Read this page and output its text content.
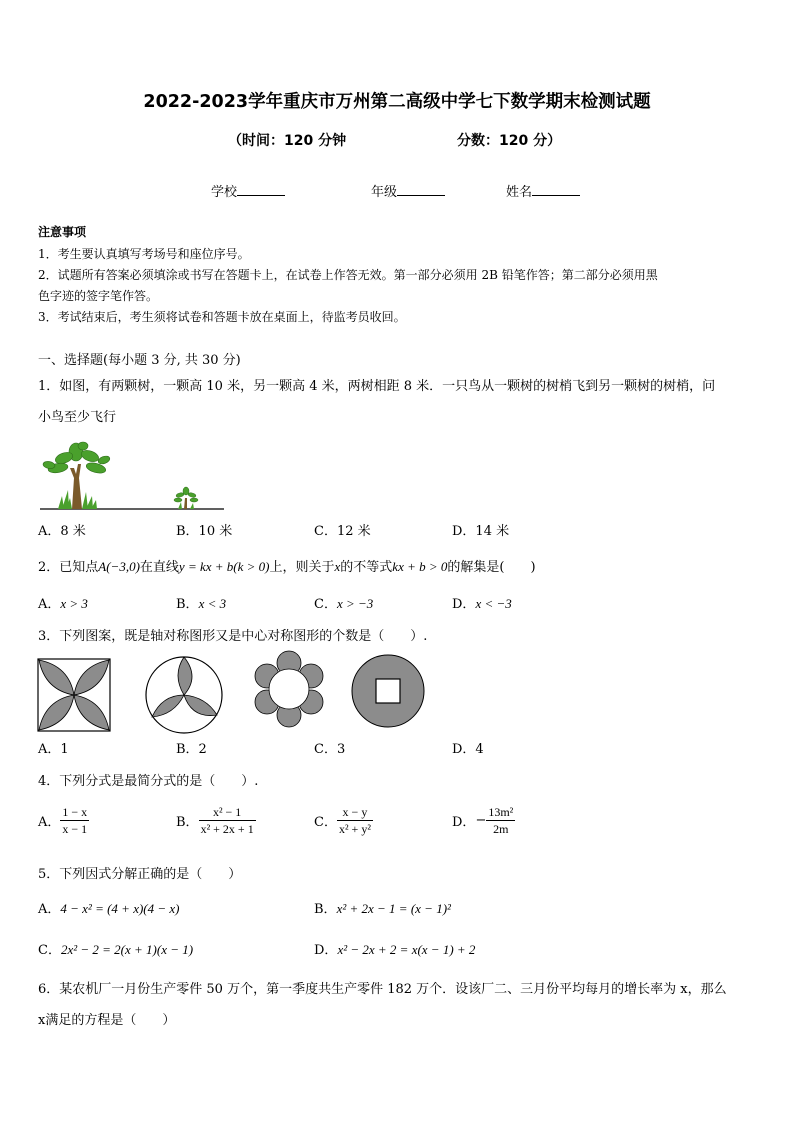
2022-2023学年重庆市万州第二高级中学七下数学期末检测试题
（时间：120 分钟	分数：120 分）
学校	年级	姓名
注意事项
1．考生要认真填写考场号和座位序号。
2．试题所有答案必须填涂或书写在答题卡上，在试卷上作答无效。第一部分必须用 2B 铅笔作答；第二部分必须用黑
色字迹的签字笔作答。
3．考试结束后，考生须将试卷和答题卡放在桌面上，待监考员收回。
一、选择题(每小题 3 分, 共 30 分)
1．如图，有两颗树，一颗高 10 米，另一颗高 4 米，两树相距 8 米．一只鸟从一颗树的树梢飞到另一颗树的树梢，问
小鸟至少飞行
A．8 米	B．10 米	C．12 米	D．14 米
2．已知点A(−3,0)在直线y = kx + b(k > 0)上，则关于x的不等式kx + b > 0的解集是(　　)
A．x > 3	B．x < 3	C．x > −3	D．x < −3
3．下列图案，既是轴对称图形又是中心对称图形的个数是（　　）.
A．1	B．2	C．3	D．4
4．下列分式是最简分式的是（　　）.
A． $\frac{1 - x}{x - 1}$	B． $\frac{\text{x² − 1}}{\text{x² + 2x + 1}}$	C． $\frac{x - y}{\text{x² + y²}}$	D．− $\frac{\text{13m²}}{2m}$
5．下列因式分解正确的是（　　）
A．4 − x² = (4 + x)(4 − x)	B．x² + 2x − 1 = (x − 1)²
C．2x² − 2 = 2(x + 1)(x − 1)	D．x² − 2x + 2 = x(x − 1) + 2
6．某农机厂一月份生产零件 50 万个，第一季度共生产零件 182 万个．设该厂二、三月份平均每月的增长率为 x，那么
x满足的方程是（　　）
